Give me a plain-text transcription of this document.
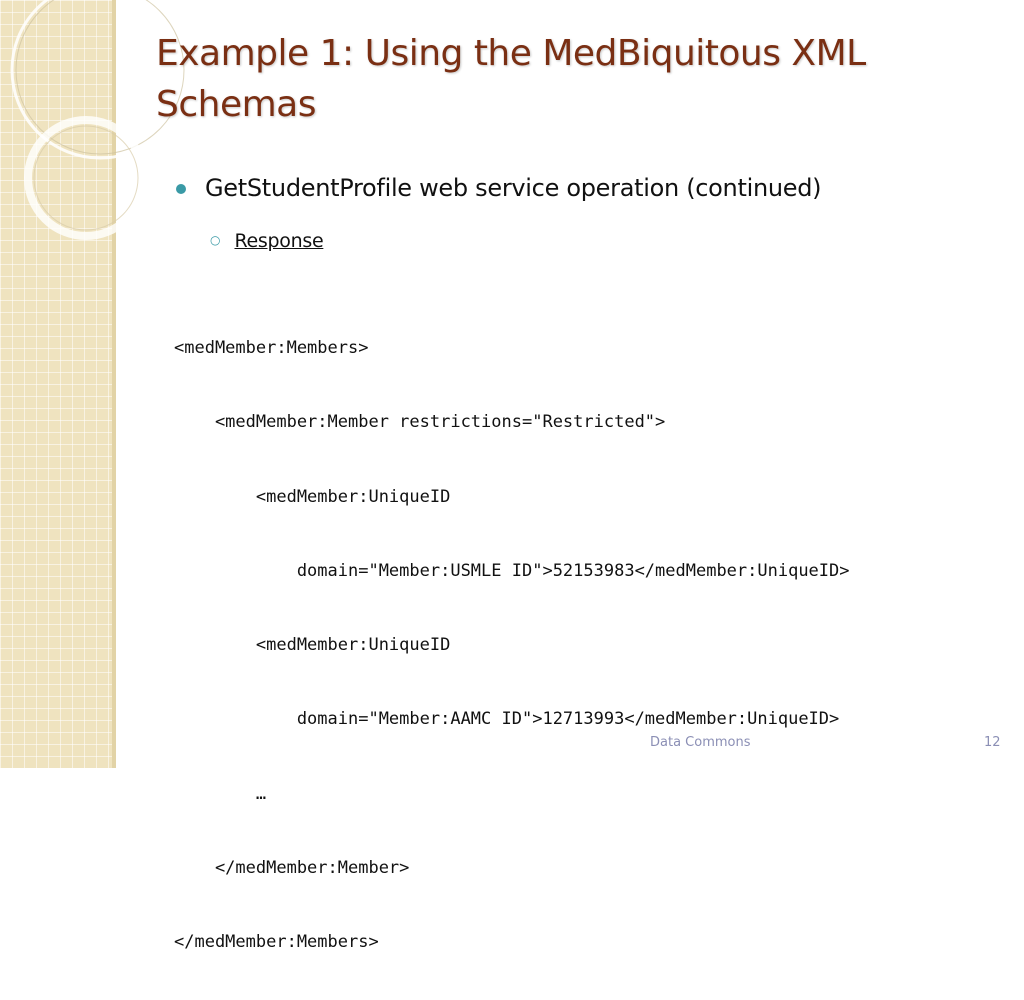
Example 1: Using the MedBiquitous XML Schemas
GetStudentProfile web service operation (continued)
○ Response

<medMember:Members>

<medMember:Member restrictions="Restricted">

<medMember:UniqueID

domain="Member:USMLE ID">52153983</medMember:UniqueID>

<medMember:UniqueID

domain="Member:AAMC ID">12713993</medMember:UniqueID>

…

</medMember:Member>

</medMember:Members>

Data Commons	12
